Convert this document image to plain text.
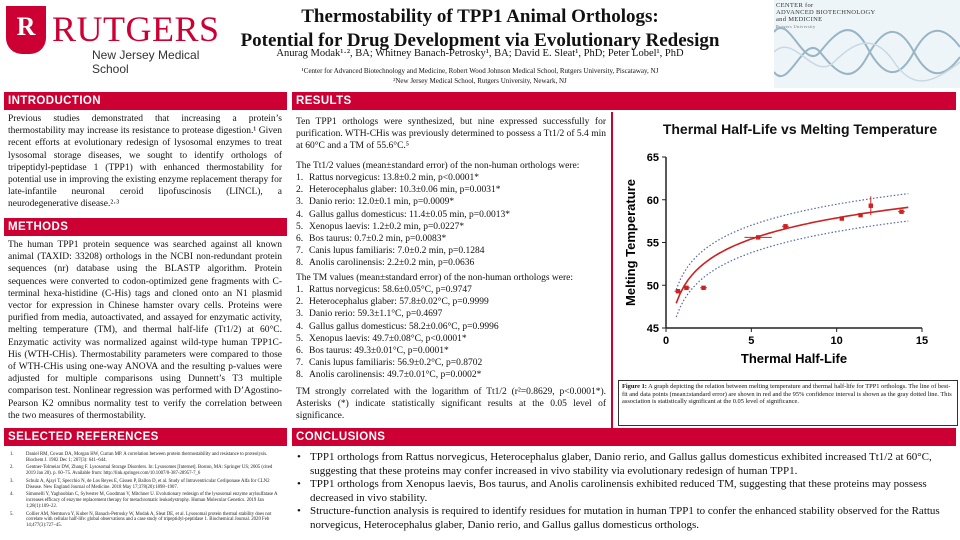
R RUTGERS
New Jersey Medical School
Thermostability of TPP1 Animal Orthologs:
Potential for Drug Development via Evolutionary Redesign
Anurag Modak¹·², BA; Whitney Banach-Petrosky¹, BA; David E. Sleat¹, PhD; Peter Lobel¹, PhD
¹Center for Advanced Biotechnology and Medicine, Robert Wood Johnson Medical School, Rutgers University, Piscataway, NJ
²New Jersey Medical School, Rutgers University, Newark, NJ
CENTER for
ADVANCED BIOTECHNOLOGY
and MEDICINE
Rutgers University
INTRODUCTION
Previous studies demonstrated that increasing a protein’s thermostability may increase its resistance to protease digestion.¹ Given recent efforts at evolutionary redesign of lysosomal enzymes to treat lysosomal storage diseases, we sought to identify orthologs of tripeptidyl-peptidase 1 (TPP1) with enhanced thermostability for potential use in improving the existing enzyme replacement therapy for late-infantile neuronal ceroid lipofuscinosis (LINCL), a neurodegenerative disease.²·³
METHODS
The human TPP1 protein sequence was searched against all known animal (TAXID: 33208) orthologs in the NCBI non-redundant protein sequences (nr) database using the BLASTP algorithm. Protein sequences were converted to codon-optimized gene fragments with C-terminal hexa-histidine (C-His) tags and cloned onto an N1 plasmid vector for expression in Chinese hamster ovary cells. Proteins were purified from media, autoactivated, and assayed for enzymatic activity, melting temperature (TM), and thermal half-life (Tt1/2) at 60°C. Enzymatic activity was normalized against wild-type human TPP1C-His (WTH-CHis). Thermostability parameters were compared to those of WTH-CHis using one-way ANOVA and the resulting p-values were adjusted for multiple comparisons using Dunnett’s T3 multiple comparison test. Nonlinear regression was performed with D’Agostino-Pearson K2 omnibus normality test to verify the correlation between the two measures of thermostability.
SELECTED REFERENCES
1.	Daniel RM, Cowan DA, Morgan HW, Curran MP. A correlation between protein thermostability and resistance to proteolysis. Biochem J. 1982 Dec 1; 207(3): 641–644.
2.	Gentner-Tolmeiar DW, Zhang F. Lysosomal Storage Disorders. In: Lysosomes [Internet]. Boston, MA: Springer US; 2005 (cited 2019 Jan 20). p. 60–75. Available from: http://link.springer.com/10.1007/0-387-28957-7_6
3.	Schulz A, Ajayi T, Specchio N, de Los Reyes E, Gissen P, Ballon D, et al. Study of Intraventricular Cerliponase Alfa for CLN2 Disease. New England Journal of Medicine. 2018 May 17;378(20):1898–1907.
4.	Simonelli Y, Yaghoobian C, Sylvester M, Goodman V, Mitchner U. Evolutionary redesign of the lysosomal enzyme arylsulfatase A increases efficacy of enzyme replacement therapy for metachromatic leukodystrophy. Human Molecular Genetics. 2019 Jan 1;28(1):109–22.
5.	Collier AM, Nemtsova Y, Kuber N, Banach-Petrosky W, Modak A, Sleat DE, et al. Lysosomal protein thermal stability does not correlate with cellular half-life: global observations and a case study of tripeptidyl-peptidase 1. Biochemical Journal. 2020 Feb 14;477(3):727–45.
RESULTS
Ten TPP1 orthologs were synthesized, but nine expressed successfully for purification. WTH-CHis was previously determined to possess a Tt1/2 of 5.4 min at 60°C and a TM of 55.6°C.⁵
The Tt1/2 values (mean±standard error) of the non-human orthologs were:
1. Rattus norvegicus: 13.8±0.2 min, p<0.0001*
2. Heterocephalus glaber: 10.3±0.06 min, p=0.0031*
3. Danio rerio: 12.0±0.1 min, p=0.0009*
4. Gallus gallus domesticus: 11.4±0.05 min, p=0.0013*
5. Xenopus laevis: 1.2±0.2 min, p=0.0227*
6. Bos taurus: 0.7±0.2 min, p=0.0083*
7. Canis lupus familiaris: 7.0±0.2 min, p=0.1284
8. Anolis carolinensis: 2.2±0.2 min, p=0.0636
The TM values (mean±standard error) of the non-human orthologs were:
1. Rattus norvegicus: 58.6±0.05°C, p=0.9747
2. Heterocephalus glaber: 57.8±0.02°C, p=0.9999
3. Danio rerio: 59.3±1.1°C, p=0.4697
4. Gallus gallus domesticus: 58.2±0.06°C, p=0.9996
5. Xenopus laevis: 49.7±0.08°C, p<0.0001*
6. Bos taurus: 49.3±0.01°C, p=0.0001*
7. Canis lupus familiaris: 56.9±0.2°C, p=0.8702
8. Anolis carolinensis: 49.7±0.01°C, p=0.0002*
TM strongly correlated with the logarithm of Tt1/2 (r²=0.8629, p<0.0001*). Asterisks (*) indicate statistically significant results at the 0.05 level of significance.
Thermal Half-Life vs Melting Temperature
45
50
55
60
65
0	5	10	15
Thermal Half-Life
Melting Temperature
Figure 1: A graph depicting the relation between melting temperature and thermal half-life for TPP1 orthologs. The line of best-fit and data points (mean±standard error) are shown in red and the 95% confidence interval is shown as the gray dotted line. This association is statistically significant at the 0.05 level of significance.
CONCLUSIONS
• TPP1 orthologs from Rattus norvegicus, Heterocephalus glaber, Danio rerio, and Gallus gallus domesticus exhibited increased Tt1/2 at 60°C, suggesting that these proteins may confer increased in vivo stability via evolutionary redesign of human TPP1.
• TPP1 orthologs from Xenopus laevis, Bos taurus, and Anolis carolinensis exhibited reduced TM, suggesting that these proteins may possess decreased in vivo stability.
• Structure-function analysis is required to identify residues for mutation in human TPP1 to confer the enhanced stability observed for the Rattus norvegicus, Heterocephalus glaber, Danio rerio, and Gallus gallus domesticus orthologs.
